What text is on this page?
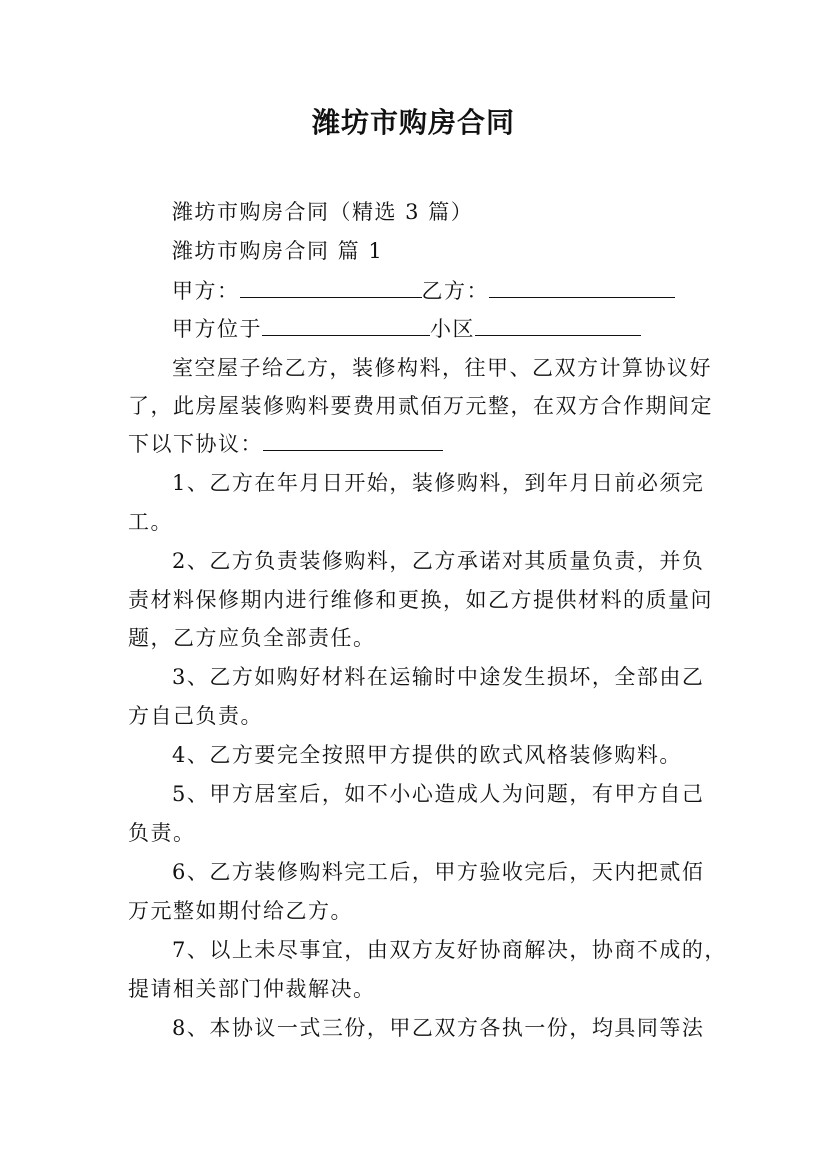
潍坊市购房合同

潍坊市购房合同（精选 3 篇）

潍坊市购房合同 篇 1

甲方：	乙方：

甲方位于	小区

室空屋子给乙方，装修构料，往甲、乙双方计算协议好

了，此房屋装修购料要费用贰佰万元整，在双方合作期间定

下以下协议：

1、乙方在年月日开始，装修购料，到年月日前必须完

工。

2、乙方负责装修购料，乙方承诺对其质量负责，并负

责材料保修期内进行维修和更换，如乙方提供材料的质量问

题，乙方应负全部责任。

3、乙方如购好材料在运输时中途发生损坏，全部由乙

方自己负责。

4、乙方要完全按照甲方提供的欧式风格装修购料。

5、甲方居室后，如不小心造成人为问题，有甲方自己

负责。

6、乙方装修购料完工后，甲方验收完后，天内把贰佰

万元整如期付给乙方。

7、以上未尽事宜，由双方友好协商解决，协商不成的，

提请相关部门仲裁解决。

8、本协议一式三份，甲乙双方各执一份，均具同等法
